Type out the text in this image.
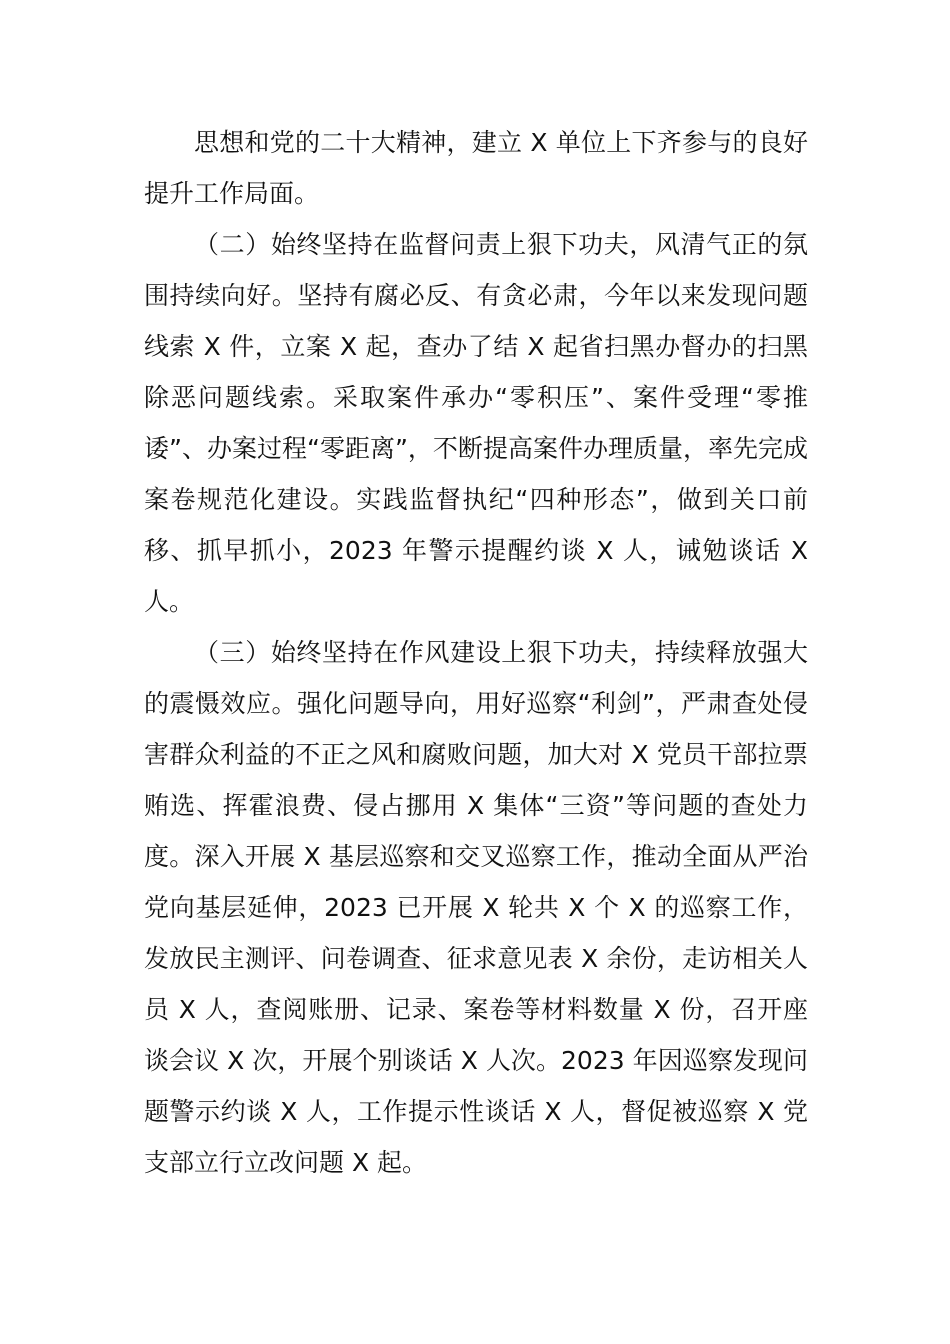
思想和党的二十大精神，建立 X 单位上下齐参与的良好提升工作局面。

（二）始终坚持在监督问责上狠下功夫，风清气正的氛围持续向好。坚持有腐必反、有贪必肃，今年以来发现问题线索 X 件，立案 X 起，查办了结 X 起省扫黑办督办的扫黑除恶问题线索。采取案件承办“零积压”、案件受理“零推诿”、办案过程“零距离”，不断提高案件办理质量，率先完成案卷规范化建设。实践监督执纪“四种形态”，做到关口前移、抓早抓小，2023 年警示提醒约谈 X 人，诫勉谈话 X 人。

（三）始终坚持在作风建设上狠下功夫，持续释放强大的震慑效应。强化问题导向，用好巡察“利剑”，严肃查处侵害群众利益的不正之风和腐败问题，加大对 X 党员干部拉票贿选、挥霍浪费、侵占挪用 X 集体“三资”等问题的查处力度。深入开展 X 基层巡察和交叉巡察工作，推动全面从严治党向基层延伸，2023 已开展 X 轮共 X 个 X 的巡察工作，发放民主测评、问卷调查、征求意见表 X 余份，走访相关人员 X 人，查阅账册、记录、案卷等材料数量 X 份，召开座谈会议 X 次，开展个别谈话 X 人次。2023 年因巡察发现问题警示约谈 X 人，工作提示性谈话 X 人，督促被巡察 X 党支部立行立改问题 X 起。
